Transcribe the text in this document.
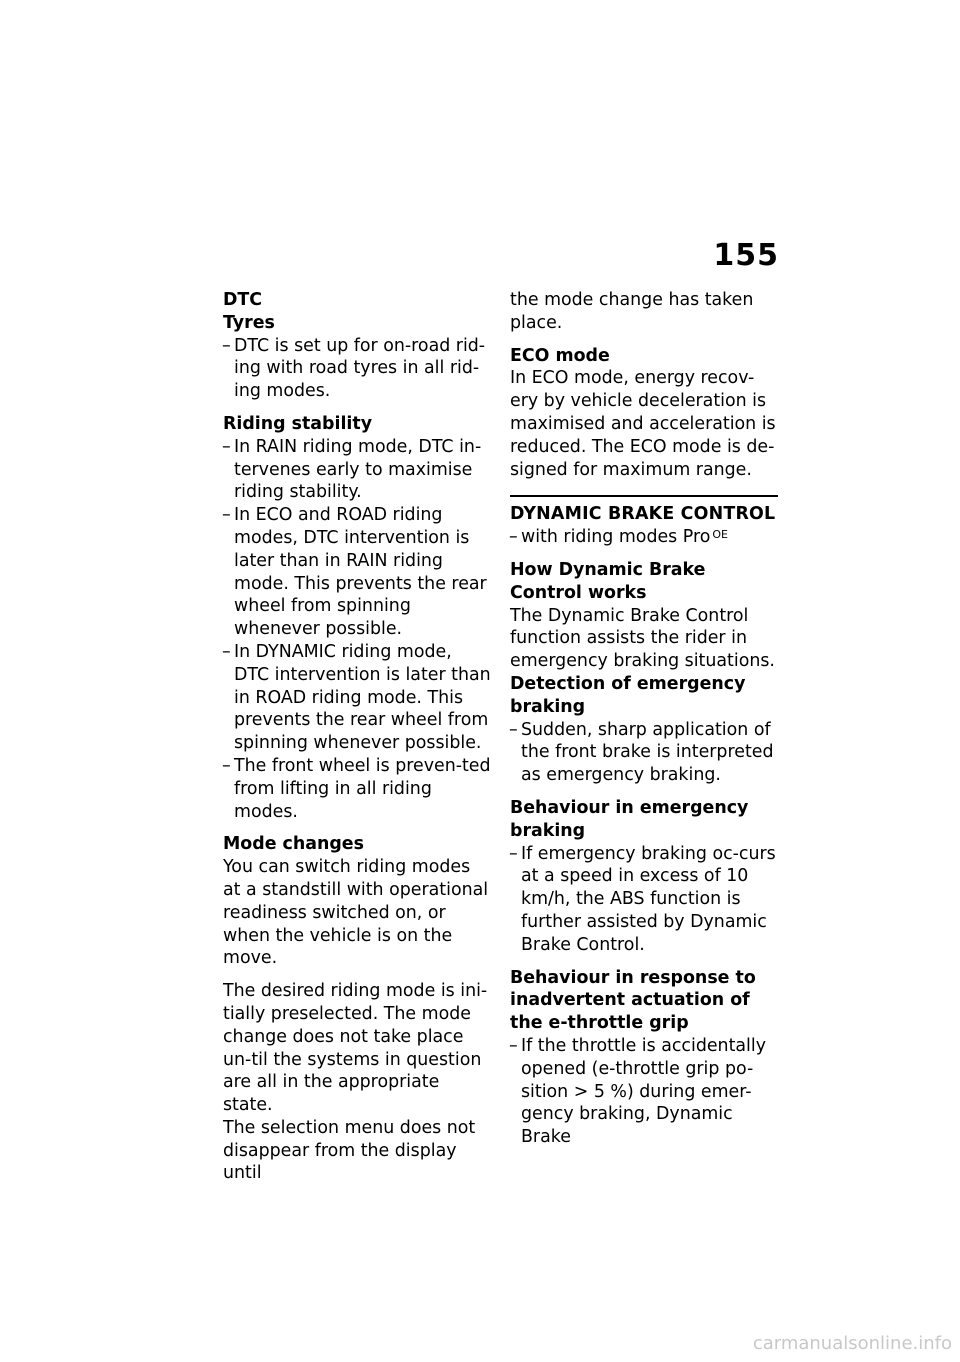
155

DTC

Tyres

– DTC is set up for on-road rid-ing with road tyres in all rid-ing modes.

Riding stability

– In RAIN riding mode, DTC in-tervenes early to maximise riding stability.
– In ECO and ROAD riding modes, DTC intervention is later than in RAIN riding mode. This prevents the rear wheel from spinning whenever possible.
– In DYNAMIC riding mode, DTC intervention is later than in ROAD riding mode. This prevents the rear wheel from spinning whenever possible.
– The front wheel is preven-ted from lifting in all riding modes.

Mode changes

You can switch riding modes at a standstill with operational readiness switched on, or when the vehicle is on the move.

The desired riding mode is ini-tially preselected. The mode change does not take place un-til the systems in question are all in the appropriate state.

The selection menu does not disappear from the display until

the mode change has taken place.

ECO mode

In ECO mode, energy recov-ery by vehicle deceleration is maximised and acceleration is reduced. The ECO mode is de-signed for maximum range.

DYNAMIC BRAKE CONTROL
– with riding modes Pro $^{OE}$

How Dynamic Brake Control works

The Dynamic Brake Control function assists the rider in emergency braking situations.

Detection of emergency braking

– Sudden, sharp application of the front brake is interpreted as emergency braking.

Behaviour in emergency braking

– If emergency braking oc-curs at a speed in excess of 10 km/h, the ABS function is further assisted by Dynamic Brake Control.

Behaviour in response to inadvertent actuation of the e-throttle grip

– If the throttle is accidentally opened (e-throttle grip po-sition > 5 %) during emer-gency braking, Dynamic Brake
carmanualsonline.info
